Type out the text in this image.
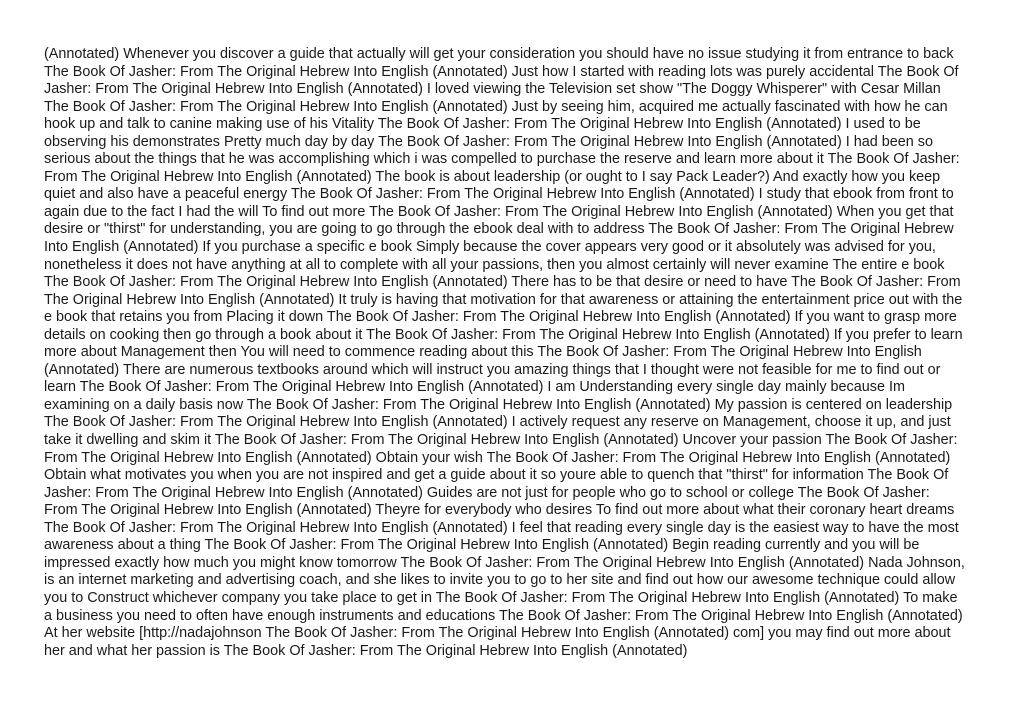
(Annotated) Whenever you discover a guide that actually will get your consideration you should have no issue studying it from entrance to back
The Book Of Jasher: From The Original Hebrew Into English (Annotated) Just how I started with reading lots was purely accidental The Book Of
Jasher: From The Original Hebrew Into English (Annotated) I loved viewing the Television set show "The Doggy Whisperer" with Cesar Millan
The Book Of Jasher: From The Original Hebrew Into English (Annotated) Just by seeing him, acquired me actually fascinated with how he can
hook up and talk to canine making use of his Vitality The Book Of Jasher: From The Original Hebrew Into English (Annotated) I used to be
observing his demonstrates Pretty much day by day The Book Of Jasher: From The Original Hebrew Into English (Annotated) I had been so
serious about the things that he was accomplishing which i was compelled to purchase the reserve and learn more about it The Book Of Jasher:
From The Original Hebrew Into English (Annotated) The book is about leadership (or ought to I say Pack Leader?) And exactly how you keep
quiet and also have a peaceful energy The Book Of Jasher: From The Original Hebrew Into English (Annotated) I study that ebook from front to
again due to the fact I had the will To find out more The Book Of Jasher: From The Original Hebrew Into English (Annotated) When you get that
desire or "thirst" for understanding, you are going to go through the ebook deal with to address The Book Of Jasher: From The Original Hebrew
Into English (Annotated) If you purchase a specific e book Simply because the cover appears very good or it absolutely was advised for you,
nonetheless it does not have anything at all to complete with all your passions, then you almost certainly will never examine The entire e book
The Book Of Jasher: From The Original Hebrew Into English (Annotated) There has to be that desire or need to have The Book Of Jasher: From
The Original Hebrew Into English (Annotated) It truly is having that motivation for that awareness or attaining the entertainment price out with the
e book that retains you from Placing it down The Book Of Jasher: From The Original Hebrew Into English (Annotated) If you want to grasp more
details on cooking then go through a book about it The Book Of Jasher: From The Original Hebrew Into English (Annotated) If you prefer to learn
more about Management then You will need to commence reading about this The Book Of Jasher: From The Original Hebrew Into English
(Annotated) There are numerous textbooks around which will instruct you amazing things that I thought were not feasible for me to find out or
learn The Book Of Jasher: From The Original Hebrew Into English (Annotated) I am Understanding every single day mainly because Im
examining on a daily basis now The Book Of Jasher: From The Original Hebrew Into English (Annotated) My passion is centered on leadership
The Book Of Jasher: From The Original Hebrew Into English (Annotated) I actively request any reserve on Management, choose it up, and just
take it dwelling and skim it The Book Of Jasher: From The Original Hebrew Into English (Annotated) Uncover your passion The Book Of Jasher:
From The Original Hebrew Into English (Annotated) Obtain your wish The Book Of Jasher: From The Original Hebrew Into English (Annotated)
Obtain what motivates you when you are not inspired and get a guide about it so youre able to quench that "thirst" for information The Book Of
Jasher: From The Original Hebrew Into English (Annotated) Guides are not just for people who go to school or college The Book Of Jasher:
From The Original Hebrew Into English (Annotated) Theyre for everybody who desires To find out more about what their coronary heart dreams
The Book Of Jasher: From The Original Hebrew Into English (Annotated) I feel that reading every single day is the easiest way to have the most
awareness about a thing The Book Of Jasher: From The Original Hebrew Into English (Annotated) Begin reading currently and you will be
impressed exactly how much you might know tomorrow The Book Of Jasher: From The Original Hebrew Into English (Annotated) Nada Johnson,
is an internet marketing and advertising coach, and she likes to invite you to go to her site and find out how our awesome technique could allow
you to Construct whichever company you take place to get in The Book Of Jasher: From The Original Hebrew Into English (Annotated) To make
a business you need to often have enough instruments and educations The Book Of Jasher: From The Original Hebrew Into English (Annotated)
At her website [http://nadajohnson The Book Of Jasher: From The Original Hebrew Into English (Annotated) com] you may find out more about
her and what her passion is The Book Of Jasher: From The Original Hebrew Into English (Annotated)
